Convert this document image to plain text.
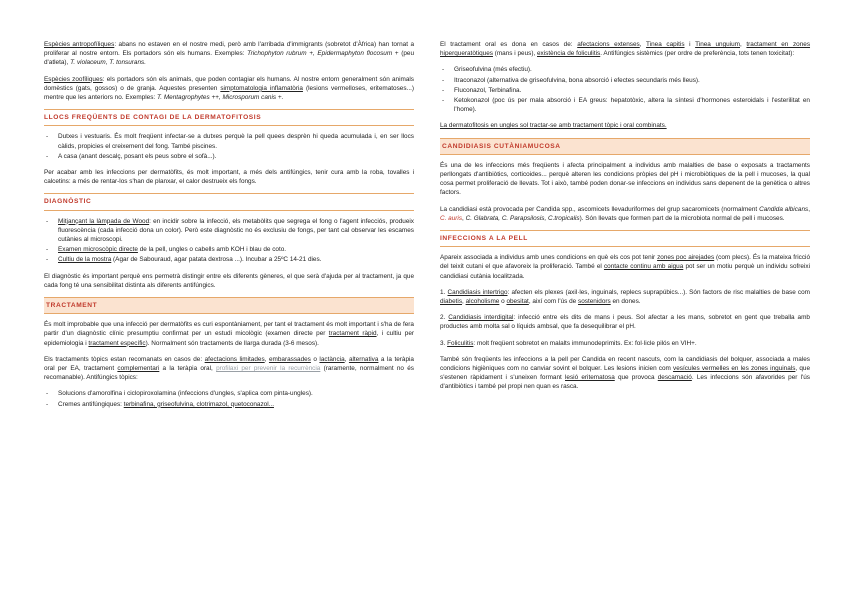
Espècies antropofíliques: abans no estaven en el nostre medi, però amb l'arribada d'immigrants (sobretot d'Àfrica) han tornat a proliferar al nostre entorn. Els portadors són els humans. Exemples: Trichophyton rubrum +, Epidermaphyton flocosum + (peu d'atleta), T. violaceum, T. tonsurans.

Espècies zoofíliques: els portadors són els animals, que poden contagiar els humans. Al nostre entorn generalment són animals domèstics (gats, gossos) o de granja. Aquestes presenten simptomatologia inflamatòria (lesions vermelloses, eritematoses...) mentre que les anteriors no. Exemples: T. Mentagrophytes ++, Microsporum canis +.

LLOCS FREQÜENTS DE CONTAGI DE LA DERMATOFITOSIS
- Dutxes i vestuaris. És molt freqüent infectar-se a dutxes perquè la pell quees desprèn hi queda acumulada i, en ser llocs càlids, propicies el creixement del fong. També piscines.
- A casa (anant descalç, posant els peus sobre el sofà...).

Per acabar amb les infeccions per dermatòfits, és molt important, a més dels antifúngics, tenir cura amb la roba, tovalles i calcetins: a més de rentar-los s'han de planxar, el calor destrueix els fongs.

DIAGNÒSTIC
- Mitjançant la làmpada de Wood: en incidir sobre la infecció, els metabòlits que segrega el fong o l'agent infecciós, produeix fluorescència (cada infecció dona un color). Però este diagnòstic no és exclusiu de fongs, per tant cal observar les escames cutànies al microscopi.
- Examen microscòpic directe de la pell, ungles o cabells amb KOH i blau de coto.
- Cultiu de la mostra (Agar de Sabouraud, agar patata dextrosa ...). Incubar a 25ºC 14-21 dies.

El diagnòstic és important perquè ens permetrà distingir entre els diferents gèneres, el que serà d'ajuda per al tractament, ja que cada fong té una sensibilitat distinta als diferents antifúngics.

TRACTAMENT

És molt improbable que una infecció per dermatòfits es curi espontàniament, per tant el tractament és molt important i s'ha de fera partir d'un diagnòstic clínic presumptiu confirmat per un estudi micològic (examen directe per tractament ràpid, i cultiu per epidemiologia i tractament específic). Normalment són tractaments de llarga durada (3-6 mesos).

Els tractaments tòpics estan recomanats en casos de: afectacions limitades, embarassades o lactància, alternativa a la teràpia oral per EA, tractament complementari a la teràpia oral, profilaxi per prevenir la recurrència (raramente, normalment no és recomanable). Antifúngics tòpics:

- Solucions d'amorolfina i ciclopiroxolamina (infeccions d'ungles, s'aplica com pinta-ungles).
- Cremes antifúngiques: terbinafina, griseofulvina, clotrimazol, quetoconazol...

El tractament oral es dona en casos de: afectacions extenses, Tinea capitis i Tinea unguium, tractament en zones hiperqueratòtiques (mans i peus), existència de foliculitis. Antifúngics sistèmics (per ordre de preferència, tots tenen toxicitat):

- Griseofulvina (més efectiu).
- Itraconazol (alternativa de griseofulvina, bona absorció i efectes secundaris més lleus).
- Fluconazol, Terbinafina.
- Ketokonazol (poc ús per mala absorció i EA greus: hepatotòxic, altera la síntesi d'hormones esteroidals i l'esterilitat en l'home).

La dermatofitosis en ungles sol tractar-se amb tractament tòpic i oral combinats.

CANDIDIASIS CUTÀNIAMUCOSA

És una de les infeccions més freqüents i afecta principalment a individus amb malalties de base o exposats a tractaments perllongats d'antibiòtics, corticoides... perquè alteren les condicions pròpies del pH i microbiòtiques de la pell i mucoses, la qual cosa permet proliferació de llevats. Tot i això, també poden donar-se infeccions en individus sans depenent de la genètica o altres factors.

La candidiasi està provocada per Candida spp., ascomicets llevaduriformes del grup sacaromicets (normalment Candida albicans, C. auris, C. Glabrata, C. Parapsilosis, C.tropicalis). Són llevats que formen part de la microbiota normal de pell i mucoses.

INFECCIONS A LA PELL

Apareix associada a individus amb unes condicions en què els cos pot tenir zones poc airejades (com plecs). És la mateixa fricció del teixit cutani el que afavoreix la proliferació. També el contacte continu amb aigua pot ser un motiu perquè un individu sofreixi candidiasi cutània localitzada.

1. Candidiasis intertrigo: afecten els plexes (axil·les, inguinals, replecs suprapúbics...). Són factors de risc malalties de base com diabetis, alcoholisme o obesitat, així com l'ús de sostenidors en dones.

2. Candidiasis interdigital: infecció entre els dits de mans i peus. Sol afectar a les mans, sobretot en gent que treballa amb productes amb molta sal o líquids ambsal, que fa desequilibrar el pH.

3. Foliculitis: molt freqüent sobretot en malalts immunodeprimits. Ex: fol·licle pilós en VIH+.

També són freqüents les infeccions a la pell per Candida en recent nascuts, com la candidiasis del bolquer, associada a males condicions higièniques com no canviar sovint el bolquer. Les lesions inicien com vesícules vermelles en les zones inguinals, que s'estenen ràpidament i s'uneixen formant lesió eritematosa que provoca descamació. Les infeccions són afavorides per l'ús d'antibiòtics i també pel propi nen quan es rasca.
